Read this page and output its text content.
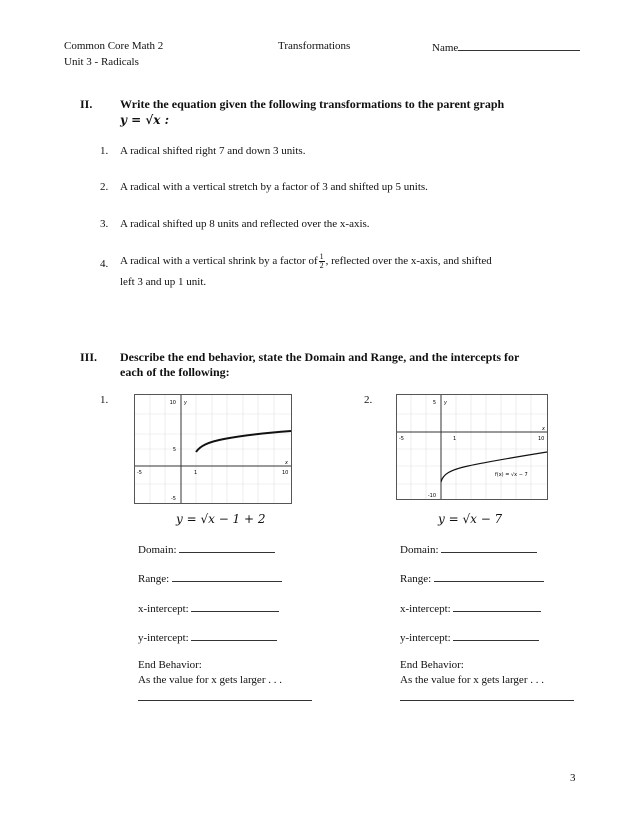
Common Core Math 2	Transformations	Name
Unit 3 - Radicals
II. Write the equation given the following transformations to the parent graph
y = √x :
1. A radical shifted right 7 and down 3 units.
2. A radical with a vertical stretch by a factor of 3 and shifted up 5 units.
3. A radical shifted up 8 units and reflected over the x-axis.
4. A radical with a vertical shrink by a factor of $\frac{1}{2}$ , reflected over the x-axis, and shifted
left 3 and up 1 unit.
III. Describe the end behavior, state the Domain and Range, and the intercepts for
each of the following:
1.	2.
10
-5
5
-5
1	10
y
x
5
-5	1	10
-10
y
x
f(x) = √x − 7
y = √x − 1 + 2	y = √x − 7
Domain:
Range:
x-intercept:
y-intercept:
End Behavior:
As the value for x gets larger . . .
Domain:
Range:
x-intercept:
y-intercept:
End Behavior:
As the value for x gets larger . . .
3
